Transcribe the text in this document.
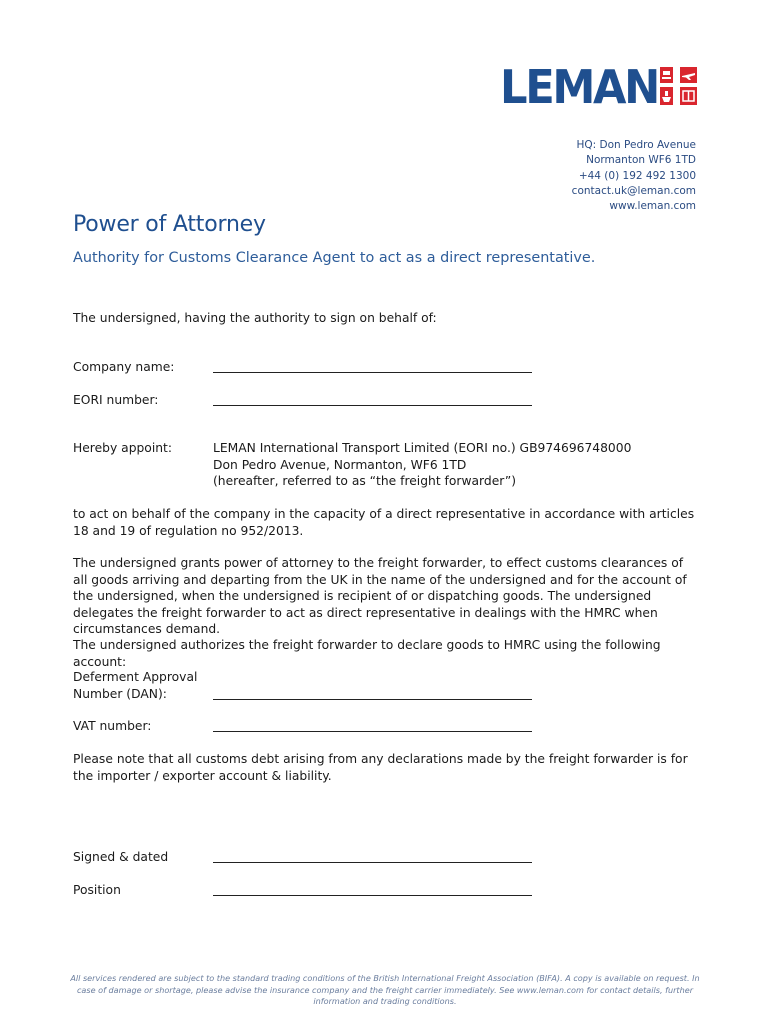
LEMAN
HQ: Don Pedro Avenue
Normanton WF6 1TD
+44 (0) 192 492 1300
contact.uk@leman.com
www.leman.com
Power of Attorney
Authority for Customs Clearance Agent to act as a direct representative.
The undersigned, having the authority to sign on behalf of:
Company name:
EORI number:
Hereby appoint:	LEMAN International Transport Limited (EORI no.) GB974696748000
Don Pedro Avenue, Normanton, WF6 1TD
(hereafter, referred to as “the freight forwarder”)
to act on behalf of the company in the capacity of a direct representative in accordance with articles 18 and 19 of regulation no 952/2013.
The undersigned grants power of attorney to the freight forwarder, to effect customs clearances of all goods arriving and departing from the UK in the name of the undersigned and for the account of the undersigned, when the undersigned is recipient of or dispatching goods. The undersigned delegates the freight forwarder to act as direct representative in dealings with the HMRC when circumstances demand.
The undersigned authorizes the freight forwarder to declare goods to HMRC using the following account:
Deferment Approval
Number (DAN):
VAT number:
Please note that all customs debt arising from any declarations made by the freight forwarder is for the importer / exporter account & liability.
Signed & dated
Position
All services rendered are subject to the standard trading conditions of the British International Freight Association (BIFA). A copy is available on request. In case of damage or shortage, please advise the insurance company and the freight carrier immediately. See www.leman.com for contact details, further information and trading conditions.
